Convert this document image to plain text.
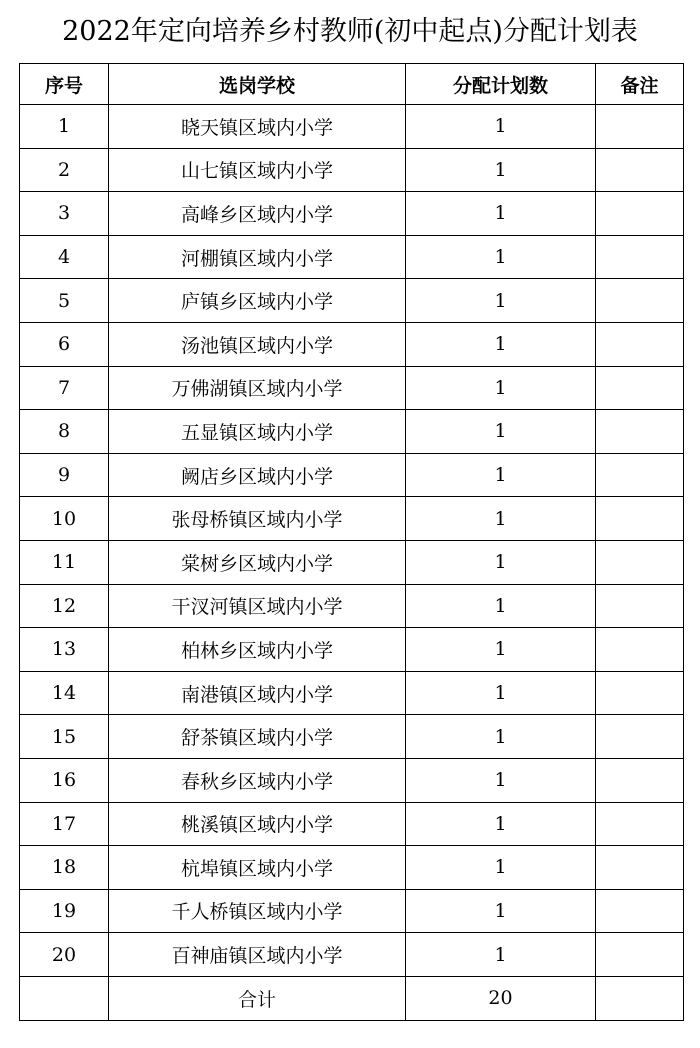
2022年定向培养乡村教师(初中起点)分配计划表
序号	选岗学校	分配计划数	备注
1	晓天镇区域内小学	1	
2	山七镇区域内小学	1	
3	高峰乡区域内小学	1	
4	河棚镇区域内小学	1	
5	庐镇乡区域内小学	1	
6	汤池镇区域内小学	1	
7	万佛湖镇区域内小学	1	
8	五显镇区域内小学	1	
9	阙店乡区域内小学	1	
10	张母桥镇区域内小学	1	
11	棠树乡区域内小学	1	
12	干汊河镇区域内小学	1	
13	柏林乡区域内小学	1	
14	南港镇区域内小学	1	
15	舒茶镇区域内小学	1	
16	春秋乡区域内小学	1	
17	桃溪镇区域内小学	1	
18	杭埠镇区域内小学	1	
19	千人桥镇区域内小学	1	
20	百神庙镇区域内小学	1	
	合计	20	
